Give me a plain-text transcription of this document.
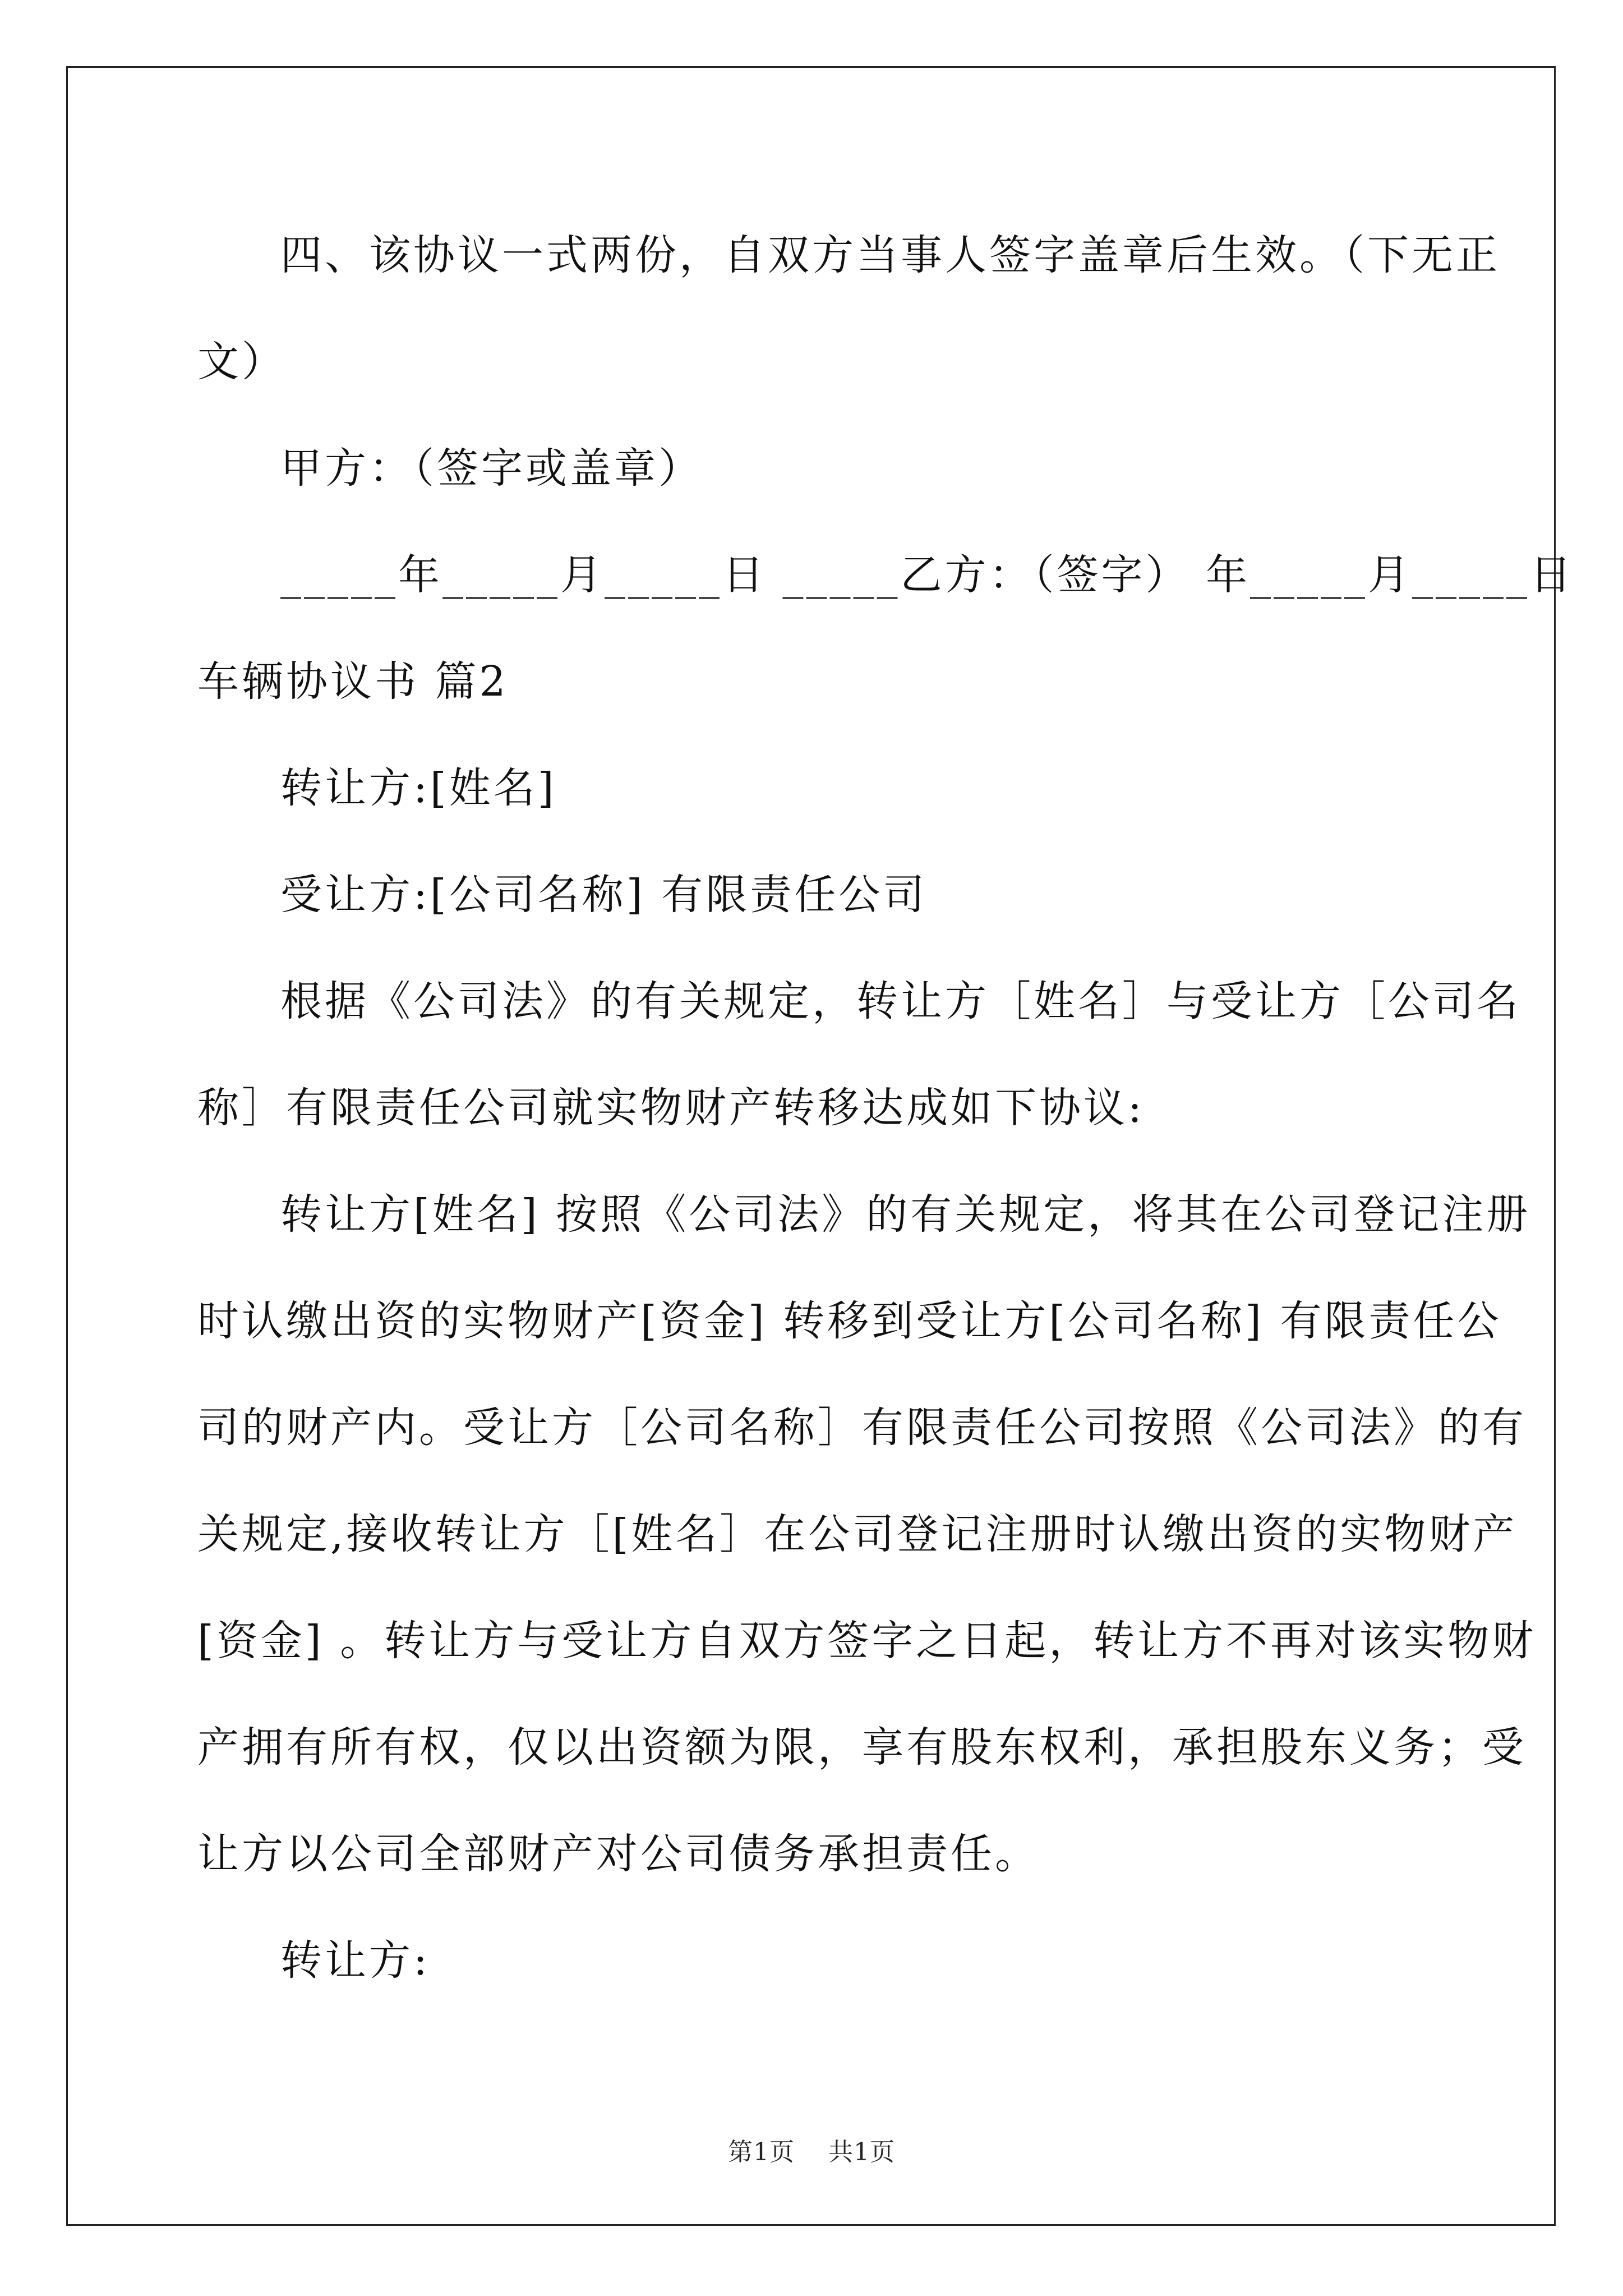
四、该协议一式两份，自双方当事人签字盖章后生效。（下无正
文）
甲方：（签字或盖章）
_____年_____月_____日 _____乙方：（签字） 年_____月_____日
车辆协议书 篇2
转让方:[姓名]
受让方:[公司名称] 有限责任公司
根据《公司法》的有关规定，转让方［姓名］与受让方［公司名
称］有限责任公司就实物财产转移达成如下协议:
转让方[姓名] 按照《公司法》的有关规定，将其在公司登记注册
时认缴出资的实物财产[资金] 转移到受让方[公司名称] 有限责任公
司的财产内。受让方［公司名称］有限责任公司按照《公司法》的有
关规定,接收转让方［[姓名］在公司登记注册时认缴出资的实物财产
[资金] 。转让方与受让方自双方签字之日起，转让方不再对该实物财
产拥有所有权，仅以出资额为限，享有股东权利，承担股东义务；受
让方以公司全部财产对公司债务承担责任。
转让方:
第1页 共1页
